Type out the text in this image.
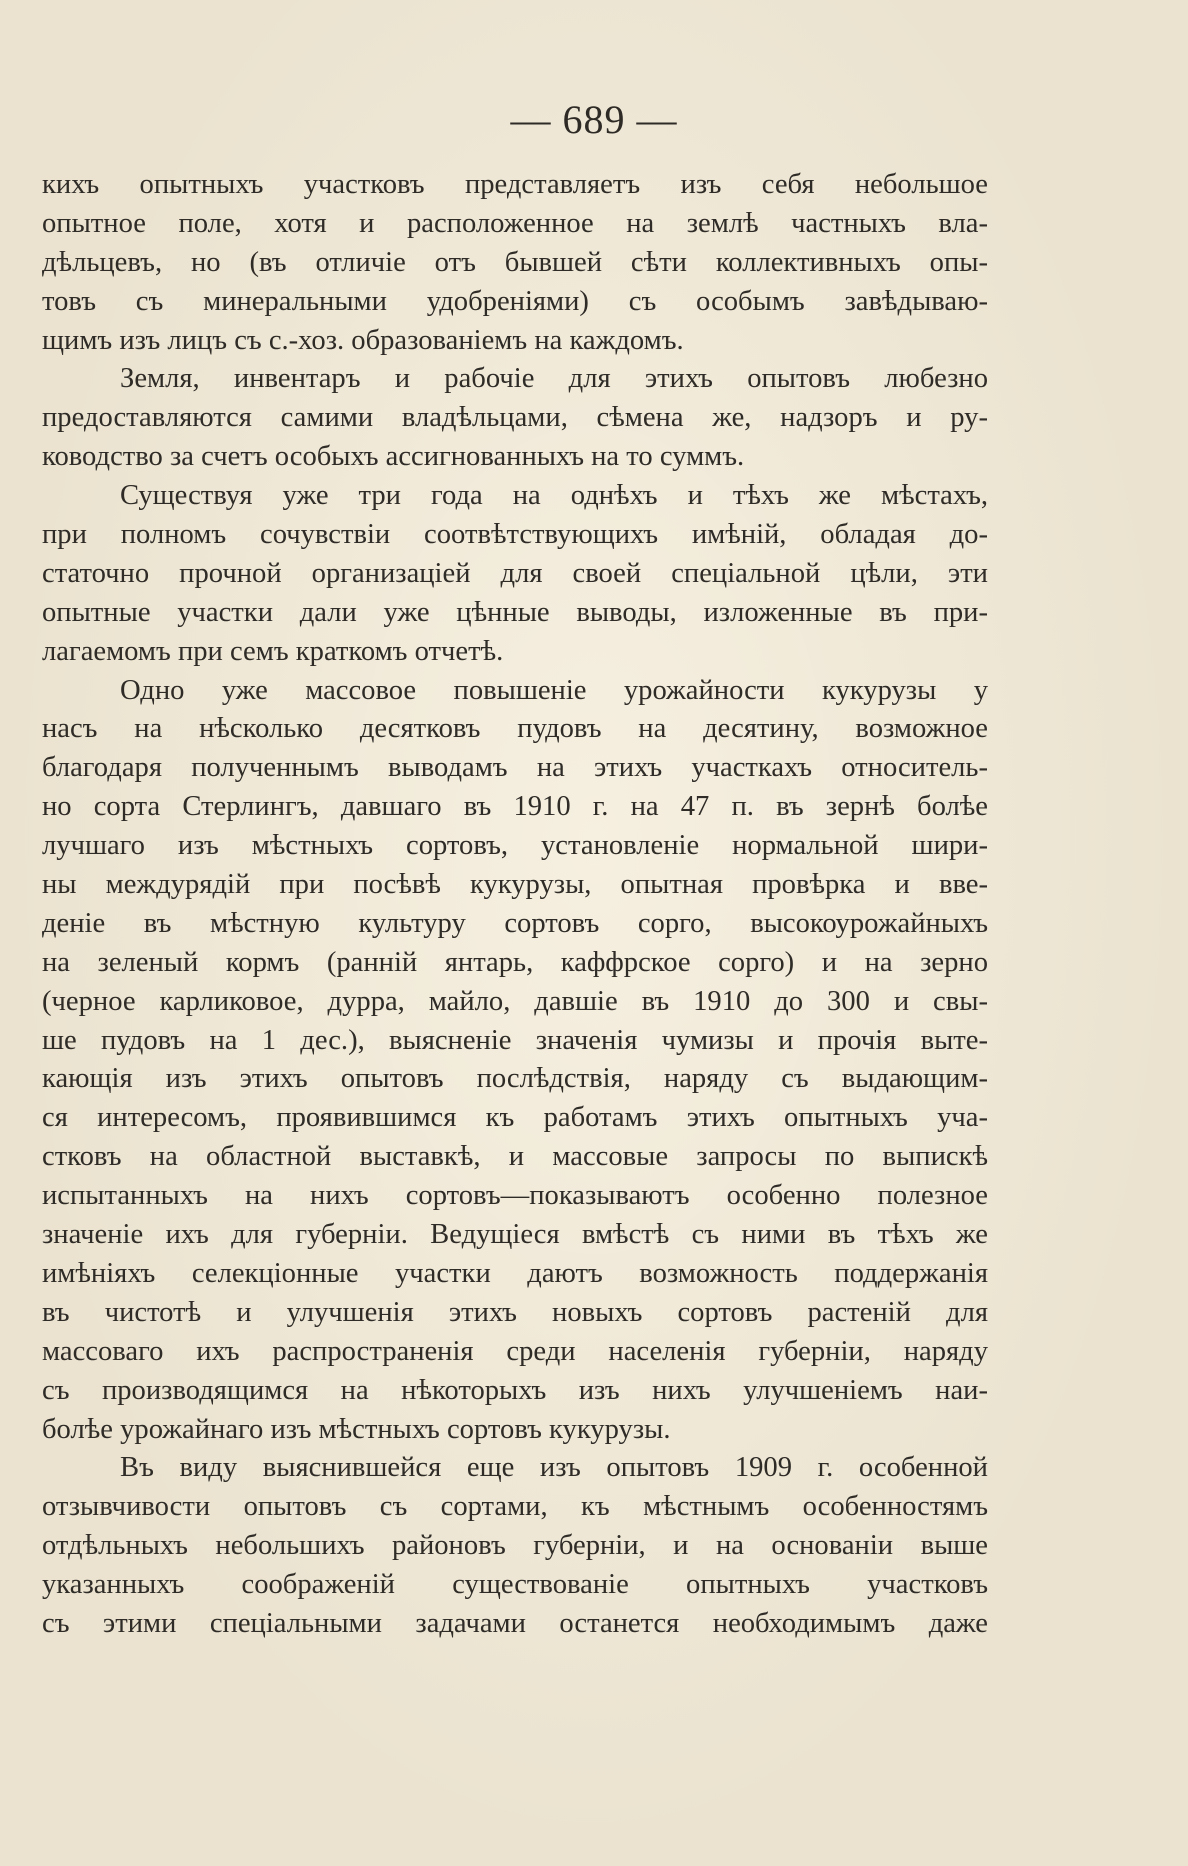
— 689 —
кихъ опытныхъ участковъ представляетъ изъ себя небольшое
опытное поле, хотя и расположенное на землѣ частныхъ вла-
дѣльцевъ, но (въ отличіе отъ бывшей сѣти коллективныхъ опы-
товъ съ минеральными удобреніями) съ особымъ завѣдываю-
щимъ изъ лицъ съ с.-хоз. образованіемъ на каждомъ.
Земля, инвентаръ и рабочіе для этихъ опытовъ любезно
предоставляются самими владѣльцами, сѣмена же, надзоръ и ру-
ководство за счетъ особыхъ ассигнованныхъ на то суммъ.
Существуя уже три года на однѣхъ и тѣхъ же мѣстахъ,
при полномъ сочувствіи соотвѣтствующихъ имѣній, обладая до-
статочно прочной организаціей для своей спеціальной цѣли, эти
опытные участки дали уже цѣнные выводы, изложенные въ при-
лагаемомъ при семъ краткомъ отчетѣ.
Одно уже массовое повышеніе урожайности кукурузы у
насъ на нѣсколько десятковъ пудовъ на десятину, возможное
благодаря полученнымъ выводамъ на этихъ участкахъ относитель-
но сорта Стерлингъ, давшаго въ 1910 г. на 47 п. въ зернѣ болѣе
лучшаго изъ мѣстныхъ сортовъ, установленіе нормальной шири-
ны междурядій при посѣвѣ кукурузы, опытная провѣрка и вве-
деніе въ мѣстную культуру сортовъ сорго, высокоурожайныхъ
на зеленый кормъ (ранній янтарь, каффрское сорго) и на зерно
(черное карликовое, дурра, майло, давшіе въ 1910 до 300 и свы-
ше пудовъ на 1 дес.), выясненіе значенія чумизы и прочія выте-
кающія изъ этихъ опытовъ послѣдствія, наряду съ выдающим-
ся интересомъ, проявившимся къ работамъ этихъ опытныхъ уча-
стковъ на областной выставкѣ, и массовые запросы по выпискѣ
испытанныхъ на нихъ сортовъ—показываютъ особенно полезное
значеніе ихъ для губерніи. Ведущіеся вмѣстѣ съ ними въ тѣхъ же
имѣніяхъ селекціонные участки даютъ возможность поддержанія
въ чистотѣ и улучшенія этихъ новыхъ сортовъ растеній для
массоваго ихъ распространенія среди населенія губерніи, наряду
съ производящимся на нѣкоторыхъ изъ нихъ улучшеніемъ наи-
болѣе урожайнаго изъ мѣстныхъ сортовъ кукурузы.
Въ виду выяснившейся еще изъ опытовъ 1909 г. особенной
отзывчивости опытовъ съ сортами, къ мѣстнымъ особенностямъ
отдѣльныхъ небольшихъ районовъ губерніи, и на основаніи выше
указанныхъ соображеній существованіе опытныхъ участковъ
съ этими спеціальными задачами останется необходимымъ даже
